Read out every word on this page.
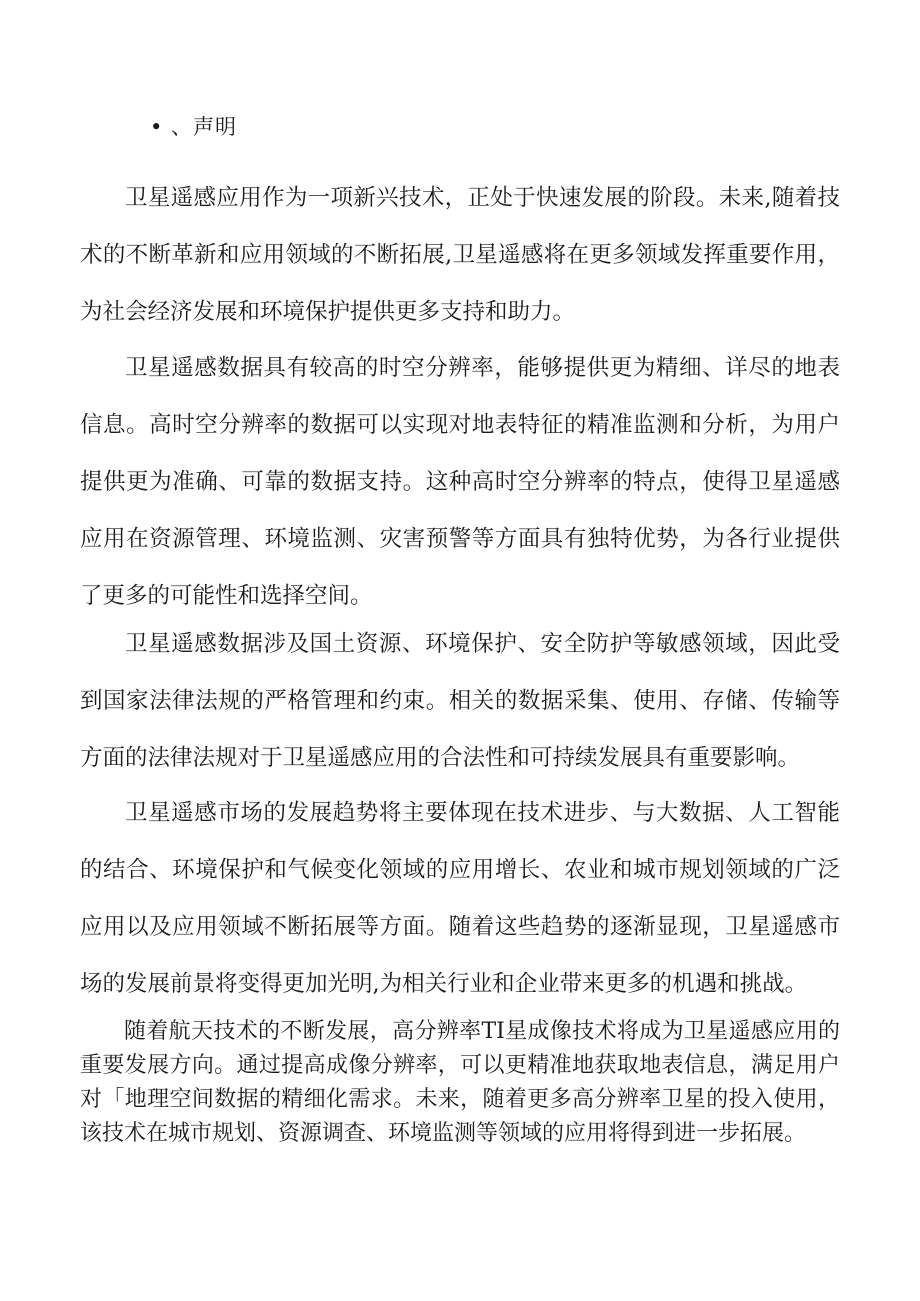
• 、声明

卫星遥感应用作为一项新兴技术，正处于快速发展的阶段。未来,随着技术的不断革新和应用领域的不断拓展,卫星遥感将在更多领域发挥重要作用，为社会经济发展和环境保护提供更多支持和助力。

卫星遥感数据具有较高的时空分辨率，能够提供更为精细、详尽的地表信息。高时空分辨率的数据可以实现对地表特征的精准监测和分析，为用户提供更为准确、可靠的数据支持。这种高时空分辨率的特点，使得卫星遥感应用在资源管理、环境监测、灾害预警等方面具有独特优势，为各行业提供了更多的可能性和选择空间。

卫星遥感数据涉及国土资源、环境保护、安全防护等敏感领域，因此受到国家法律法规的严格管理和约束。相关的数据采集、使用、存储、传输等方面的法律法规对于卫星遥感应用的合法性和可持续发展具有重要影响。

卫星遥感市场的发展趋势将主要体现在技术进步、与大数据、人工智能的结合、环境保护和气候变化领域的应用增长、农业和城市规划领域的广泛应用以及应用领域不断拓展等方面。随着这些趋势的逐渐显现，卫星遥感市场的发展前景将变得更加光明,为相关行业和企业带来更多的机遇和挑战。

随着航天技术的不断发展，高分辨率TI星成像技术将成为卫星遥感应用的重要发展方向。通过提高成像分辨率，可以更精准地获取地表信息，满足用户对「地理空间数据的精细化需求。未来，随着更多高分辨率卫星的投入使用，该技术在城市规划、资源调查、环境监测等领域的应用将得到进一步拓展。
